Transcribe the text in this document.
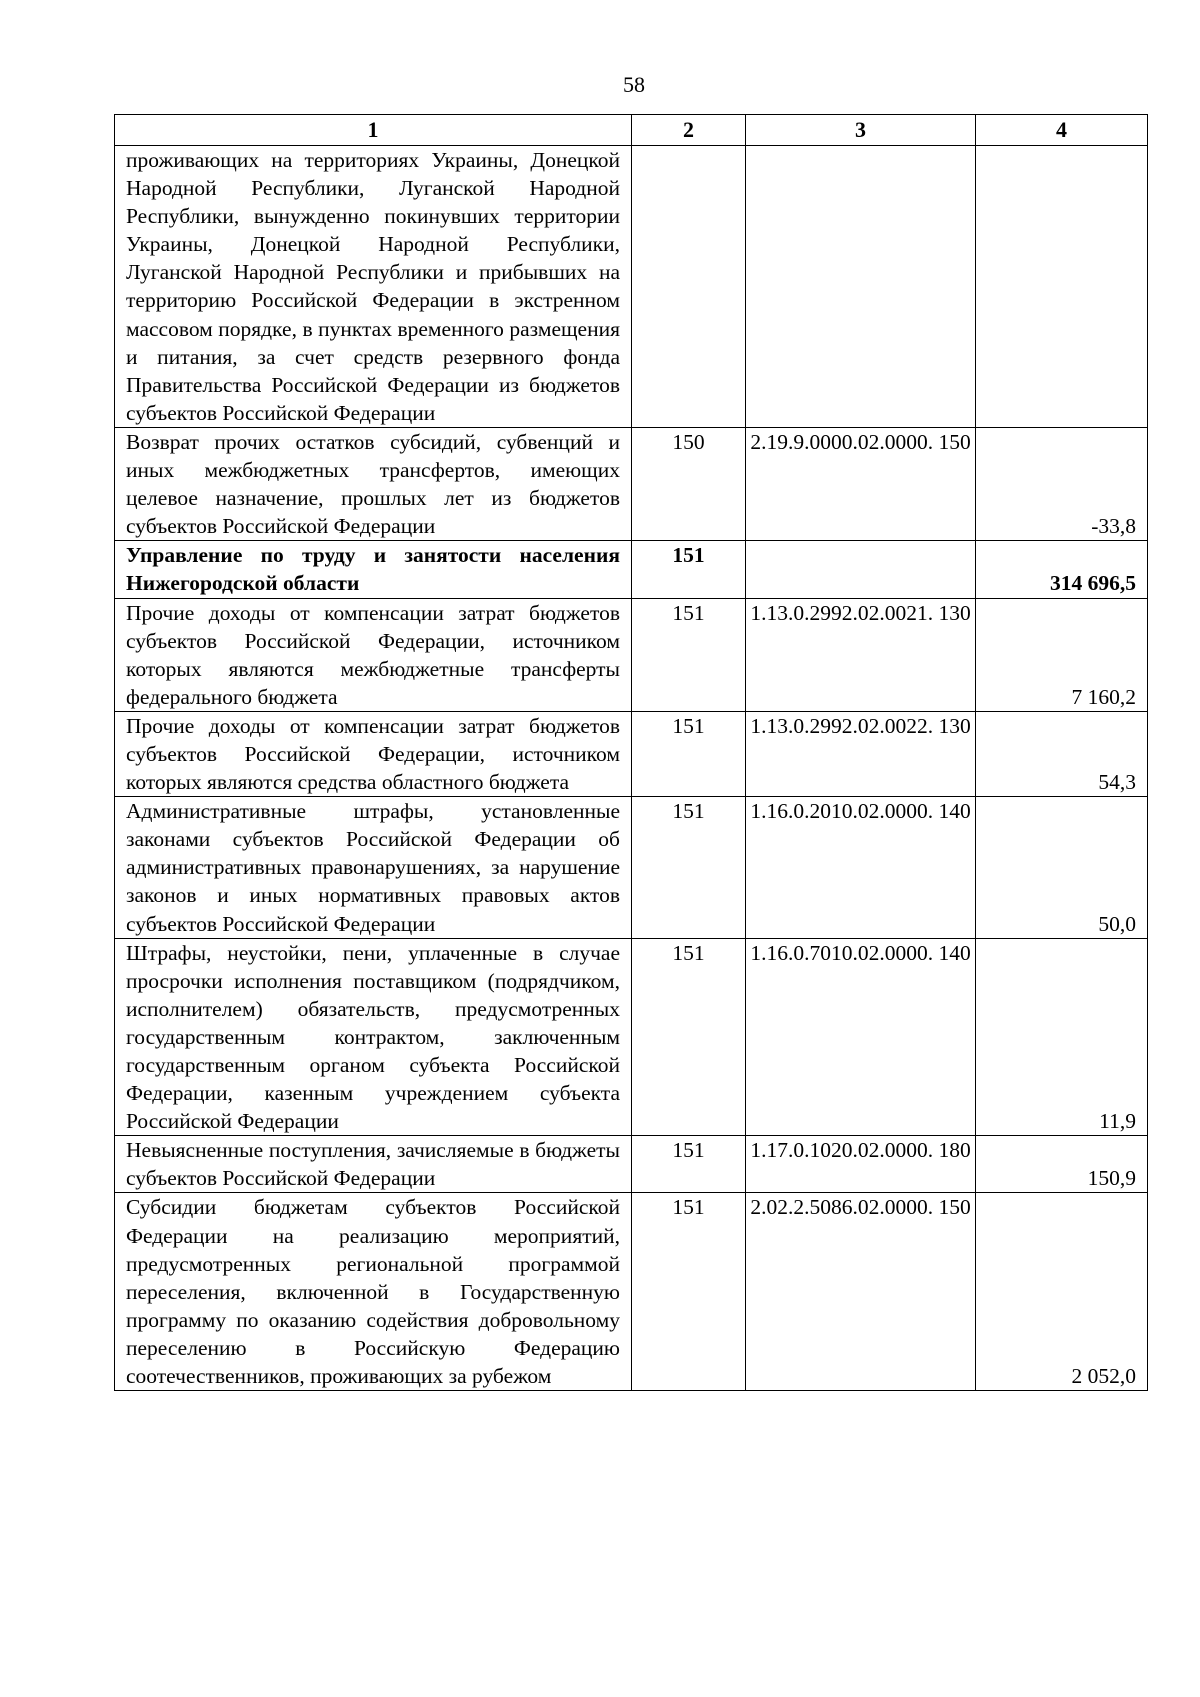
58
1	2	3	4
проживающих на территориях Украины, Донецкой Народной Республики, Луганской Народной Республики, вынужденно покинувших территории Украины, Донецкой Народной Республики, Луганской Народной Республики и прибывших на территорию Российской Федерации в экстренном массовом порядке, в пунктах временного размещения и питания, за счет средств резервного фонда Правительства Российской Федерации из бюджетов субъектов Российской Федерации			
Возврат прочих остатков субсидий, субвенций и иных межбюджетных трансфертов, имеющих целевое назначение, прошлых лет из бюджетов субъектов Российской Федерации	150	2.19.9.0000.02.0000. 150	-33,8
Управление по труду и занятости населения Нижегородской области	151		314 696,5
Прочие доходы от компенсации затрат бюджетов субъектов Российской Федерации, источником которых являются межбюджетные трансферты федерального бюджета	151	1.13.0.2992.02.0021. 130	7 160,2
Прочие доходы от компенсации затрат бюджетов субъектов Российской Федерации, источником которых являются средства областного бюджета	151	1.13.0.2992.02.0022. 130	54,3
Административные штрафы, установленные законами субъектов Российской Федерации об административных правонарушениях, за нарушение законов и иных нормативных правовых актов субъектов Российской Федерации	151	1.16.0.2010.02.0000. 140	50,0
Штрафы, неустойки, пени, уплаченные в случае просрочки исполнения поставщиком (подрядчиком, исполнителем) обязательств, предусмотренных государственным контрактом, заключенным государственным органом субъекта Российской Федерации, казенным учреждением субъекта Российской Федерации	151	1.16.0.7010.02.0000. 140	11,9
Невыясненные поступления, зачисляемые в бюджеты субъектов Российской Федерации	151	1.17.0.1020.02.0000. 180	150,9
Субсидии бюджетам субъектов Российской Федерации на реализацию мероприятий, предусмотренных региональной программой переселения, включенной в Государственную программу по оказанию содействия добровольному переселению в Российскую Федерацию соотечественников, проживающих за рубежом	151	2.02.2.5086.02.0000. 150	2 052,0
